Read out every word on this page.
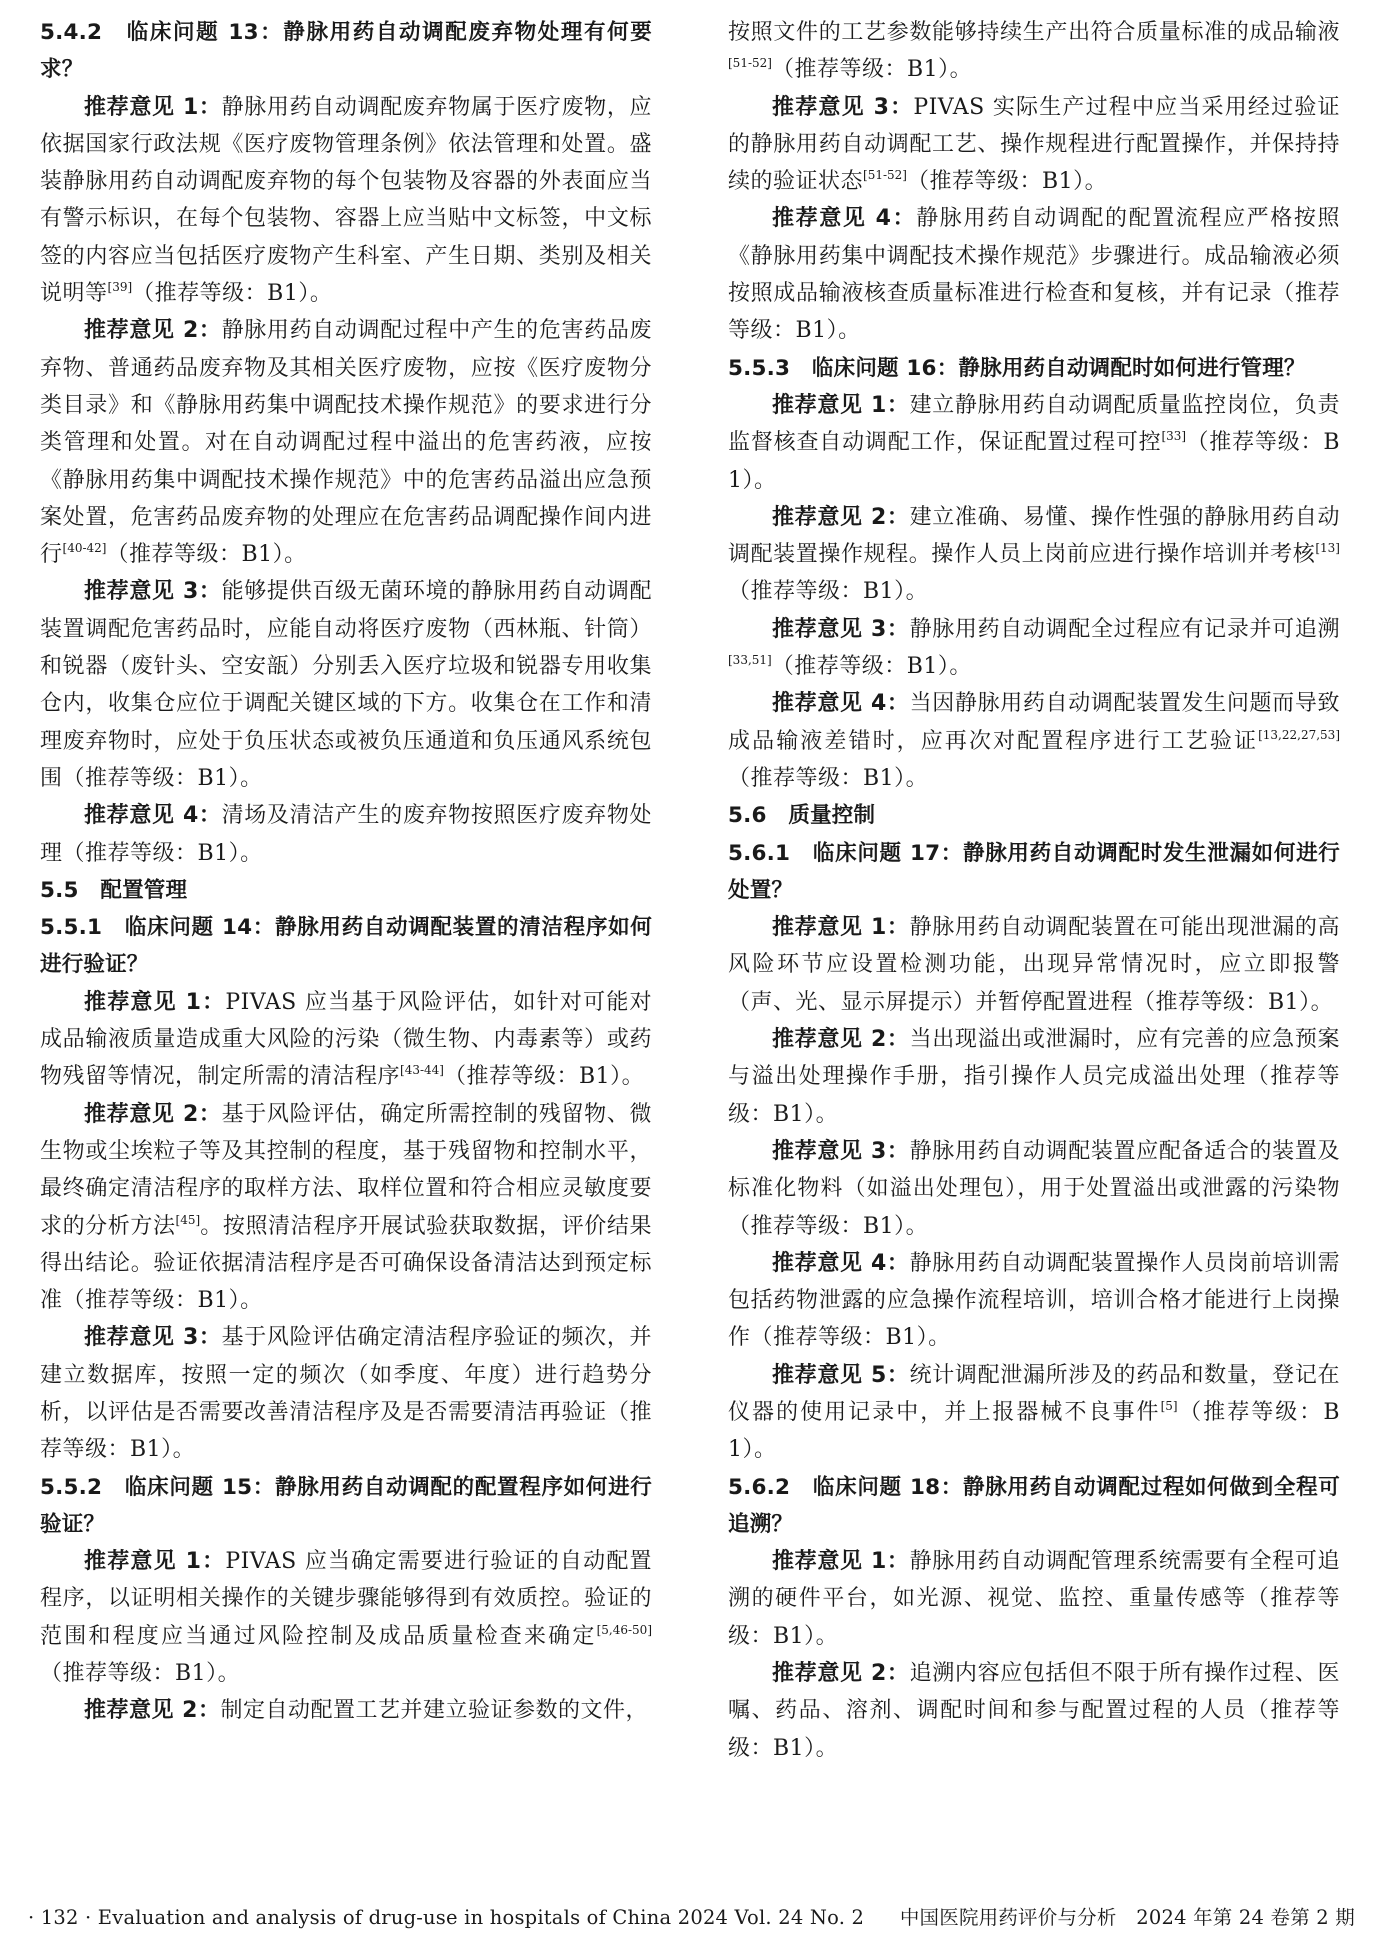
5.4.2　临床问题 13：静脉用药自动调配废弃物处理有何要求？

推荐意见 1：静脉用药自动调配废弃物属于医疗废物，应依据国家行政法规《医疗废物管理条例》依法管理和处置。盛装静脉用药自动调配废弃物的每个包装物及容器的外表面应当有警示标识，在每个包装物、容器上应当贴中文标签，中文标签的内容应当包括医疗废物产生科室、产生日期、类别及相关说明等[39]（推荐等级：B1）。

推荐意见 2：静脉用药自动调配过程中产生的危害药品废弃物、普通药品废弃物及其相关医疗废物，应按《医疗废物分类目录》和《静脉用药集中调配技术操作规范》的要求进行分类管理和处置。对在自动调配过程中溢出的危害药液，应按《静脉用药集中调配技术操作规范》中的危害药品溢出应急预案处置，危害药品废弃物的处理应在危害药品调配操作间内进行[40-42]（推荐等级：B1）。

推荐意见 3：能够提供百级无菌环境的静脉用药自动调配装置调配危害药品时，应能自动将医疗废物（西林瓶、针筒）和锐器（废针头、空安瓿）分别丢入医疗垃圾和锐器专用收集仓内，收集仓应位于调配关键区域的下方。收集仓在工作和清理废弃物时，应处于负压状态或被负压通道和负压通风系统包围（推荐等级：B1）。

推荐意见 4：清场及清洁产生的废弃物按照医疗废弃物处理（推荐等级：B1）。

5.5　配置管理

5.5.1　临床问题 14：静脉用药自动调配装置的清洁程序如何进行验证？

推荐意见 1：PIVAS 应当基于风险评估，如针对可能对成品输液质量造成重大风险的污染（微生物、内毒素等）或药物残留等情况，制定所需的清洁程序[43-44]（推荐等级：B1）。

推荐意见 2：基于风险评估，确定所需控制的残留物、微生物或尘埃粒子等及其控制的程度，基于残留物和控制水平，最终确定清洁程序的取样方法、取样位置和符合相应灵敏度要求的分析方法[45]。按照清洁程序开展试验获取数据，评价结果得出结论。验证依据清洁程序是否可确保设备清洁达到预定标准（推荐等级：B1）。

推荐意见 3：基于风险评估确定清洁程序验证的频次，并建立数据库，按照一定的频次（如季度、年度）进行趋势分析，以评估是否需要改善清洁程序及是否需要清洁再验证（推荐等级：B1）。

5.5.2　临床问题 15：静脉用药自动调配的配置程序如何进行验证？

推荐意见 1：PIVAS 应当确定需要进行验证的自动配置程序，以证明相关操作的关键步骤能够得到有效质控。验证的范围和程度应当通过风险控制及成品质量检查来确定[5,46-50]（推荐等级：B1）。

推荐意见 2：制定自动配置工艺并建立验证参数的文件，

按照文件的工艺参数能够持续生产出符合质量标准的成品输液[51-52]（推荐等级：B1）。

推荐意见 3：PIVAS 实际生产过程中应当采用经过验证的静脉用药自动调配工艺、操作规程进行配置操作，并保持持续的验证状态[51-52]（推荐等级：B1）。

推荐意见 4：静脉用药自动调配的配置流程应严格按照《静脉用药集中调配技术操作规范》步骤进行。成品输液必须按照成品输液核查质量标准进行检查和复核，并有记录（推荐等级：B1）。

5.5.3　临床问题 16：静脉用药自动调配时如何进行管理？

推荐意见 1：建立静脉用药自动调配质量监控岗位，负责监督核查自动调配工作，保证配置过程可控[33]（推荐等级：B1）。

推荐意见 2：建立准确、易懂、操作性强的静脉用药自动调配装置操作规程。操作人员上岗前应进行操作培训并考核[13]（推荐等级：B1）。

推荐意见 3：静脉用药自动调配全过程应有记录并可追溯[33,51]（推荐等级：B1）。

推荐意见 4：当因静脉用药自动调配装置发生问题而导致成品输液差错时，应再次对配置程序进行工艺验证[13,22,27,53]（推荐等级：B1）。

5.6　质量控制

5.6.1　临床问题 17：静脉用药自动调配时发生泄漏如何进行处置？

推荐意见 1：静脉用药自动调配装置在可能出现泄漏的高风险环节应设置检测功能，出现异常情况时，应立即报警（声、光、显示屏提示）并暂停配置进程（推荐等级：B1）。

推荐意见 2：当出现溢出或泄漏时，应有完善的应急预案与溢出处理操作手册，指引操作人员完成溢出处理（推荐等级：B1）。

推荐意见 3：静脉用药自动调配装置应配备适合的装置及标准化物料（如溢出处理包），用于处置溢出或泄露的污染物（推荐等级：B1）。

推荐意见 4：静脉用药自动调配装置操作人员岗前培训需包括药物泄露的应急操作流程培训，培训合格才能进行上岗操作（推荐等级：B1）。

推荐意见 5：统计调配泄漏所涉及的药品和数量，登记在仪器的使用记录中，并上报器械不良事件[5]（推荐等级：B1）。

5.6.2　临床问题 18：静脉用药自动调配过程如何做到全程可追溯？

推荐意见 1：静脉用药自动调配管理系统需要有全程可追溯的硬件平台，如光源、视觉、监控、重量传感等（推荐等级：B1）。

推荐意见 2：追溯内容应包括但不限于所有操作过程、医嘱、药品、溶剂、调配时间和参与配置过程的人员（推荐等级：B1）。

· 132 · Evaluation and analysis of drug-use in hospitals of China 2024 Vol. 24 No. 2 中国医院用药评价与分析　2024 年第 24 卷第 2 期
